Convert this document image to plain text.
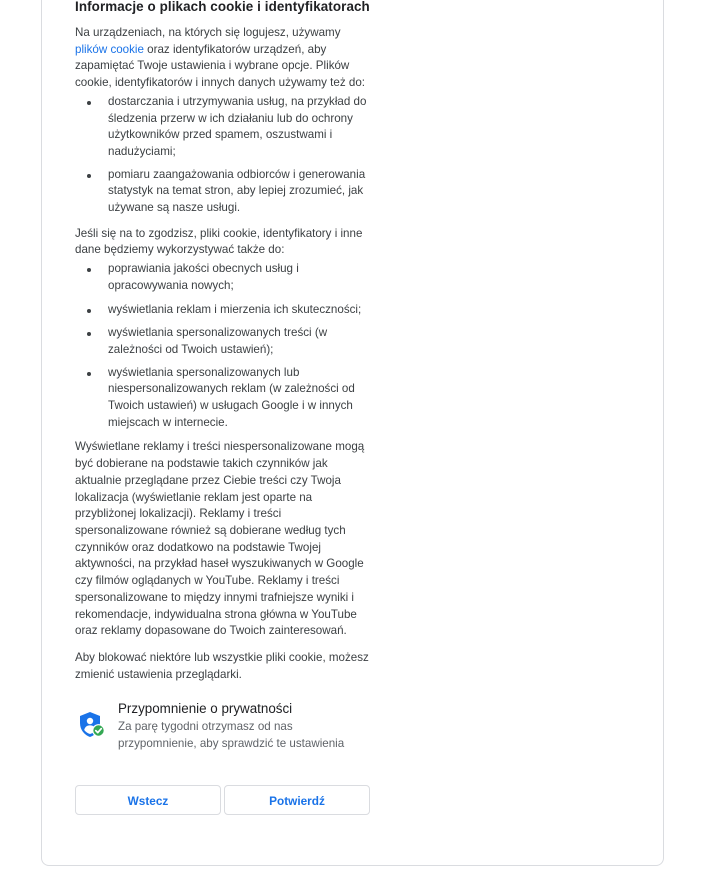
Informacje o plikach cookie i identyfikatorach

Na urządzeniach, na których się logujesz, używamy plików cookie oraz identyfikatorów urządzeń, aby zapamiętać Twoje ustawienia i wybrane opcje. Plików cookie, identyfikatorów i innych danych używamy też do:

dostarczania i utrzymywania usług, na przykład do śledzenia przerw w ich działaniu lub do ochrony użytkowników przed spamem, oszustwami i nadużyciami;
pomiaru zaangażowania odbiorców i generowania statystyk na temat stron, aby lepiej zrozumieć, jak używane są nasze usługi.

Jeśli się na to zgodzisz, pliki cookie, identyfikatory i inne dane będziemy wykorzystywać także do:

poprawiania jakości obecnych usług i opracowywania nowych;
wyświetlania reklam i mierzenia ich skuteczności;
wyświetlania spersonalizowanych treści (w zależności od Twoich ustawień);
wyświetlania spersonalizowanych lub niespersonalizowanych reklam (w zależności od Twoich ustawień) w usługach Google i w innych miejscach w internecie.

Wyświetlane reklamy i treści niespersonalizowane mogą być dobierane na podstawie takich czynników jak aktualnie przeglądane przez Ciebie treści czy Twoja lokalizacja (wyświetlanie reklam jest oparte na przybliżonej lokalizacji). Reklamy i treści spersonalizowane również są dobierane według tych czynników oraz dodatkowo na podstawie Twojej aktywności, na przykład haseł wyszukiwanych w Google czy filmów oglądanych w YouTube. Reklamy i treści spersonalizowane to między innymi trafniejsze wyniki i rekomendacje, indywidualna strona główna w YouTube oraz reklamy dopasowane do Twoich zainteresowań.

Aby blokować niektóre lub wszystkie pliki cookie, możesz zmienić ustawienia przeglądarki.

Przypomnienie o prywatności
Za parę tygodni otrzymasz od nas przypomnienie, aby sprawdzić te ustawienia
Wstecz	Potwierdź
